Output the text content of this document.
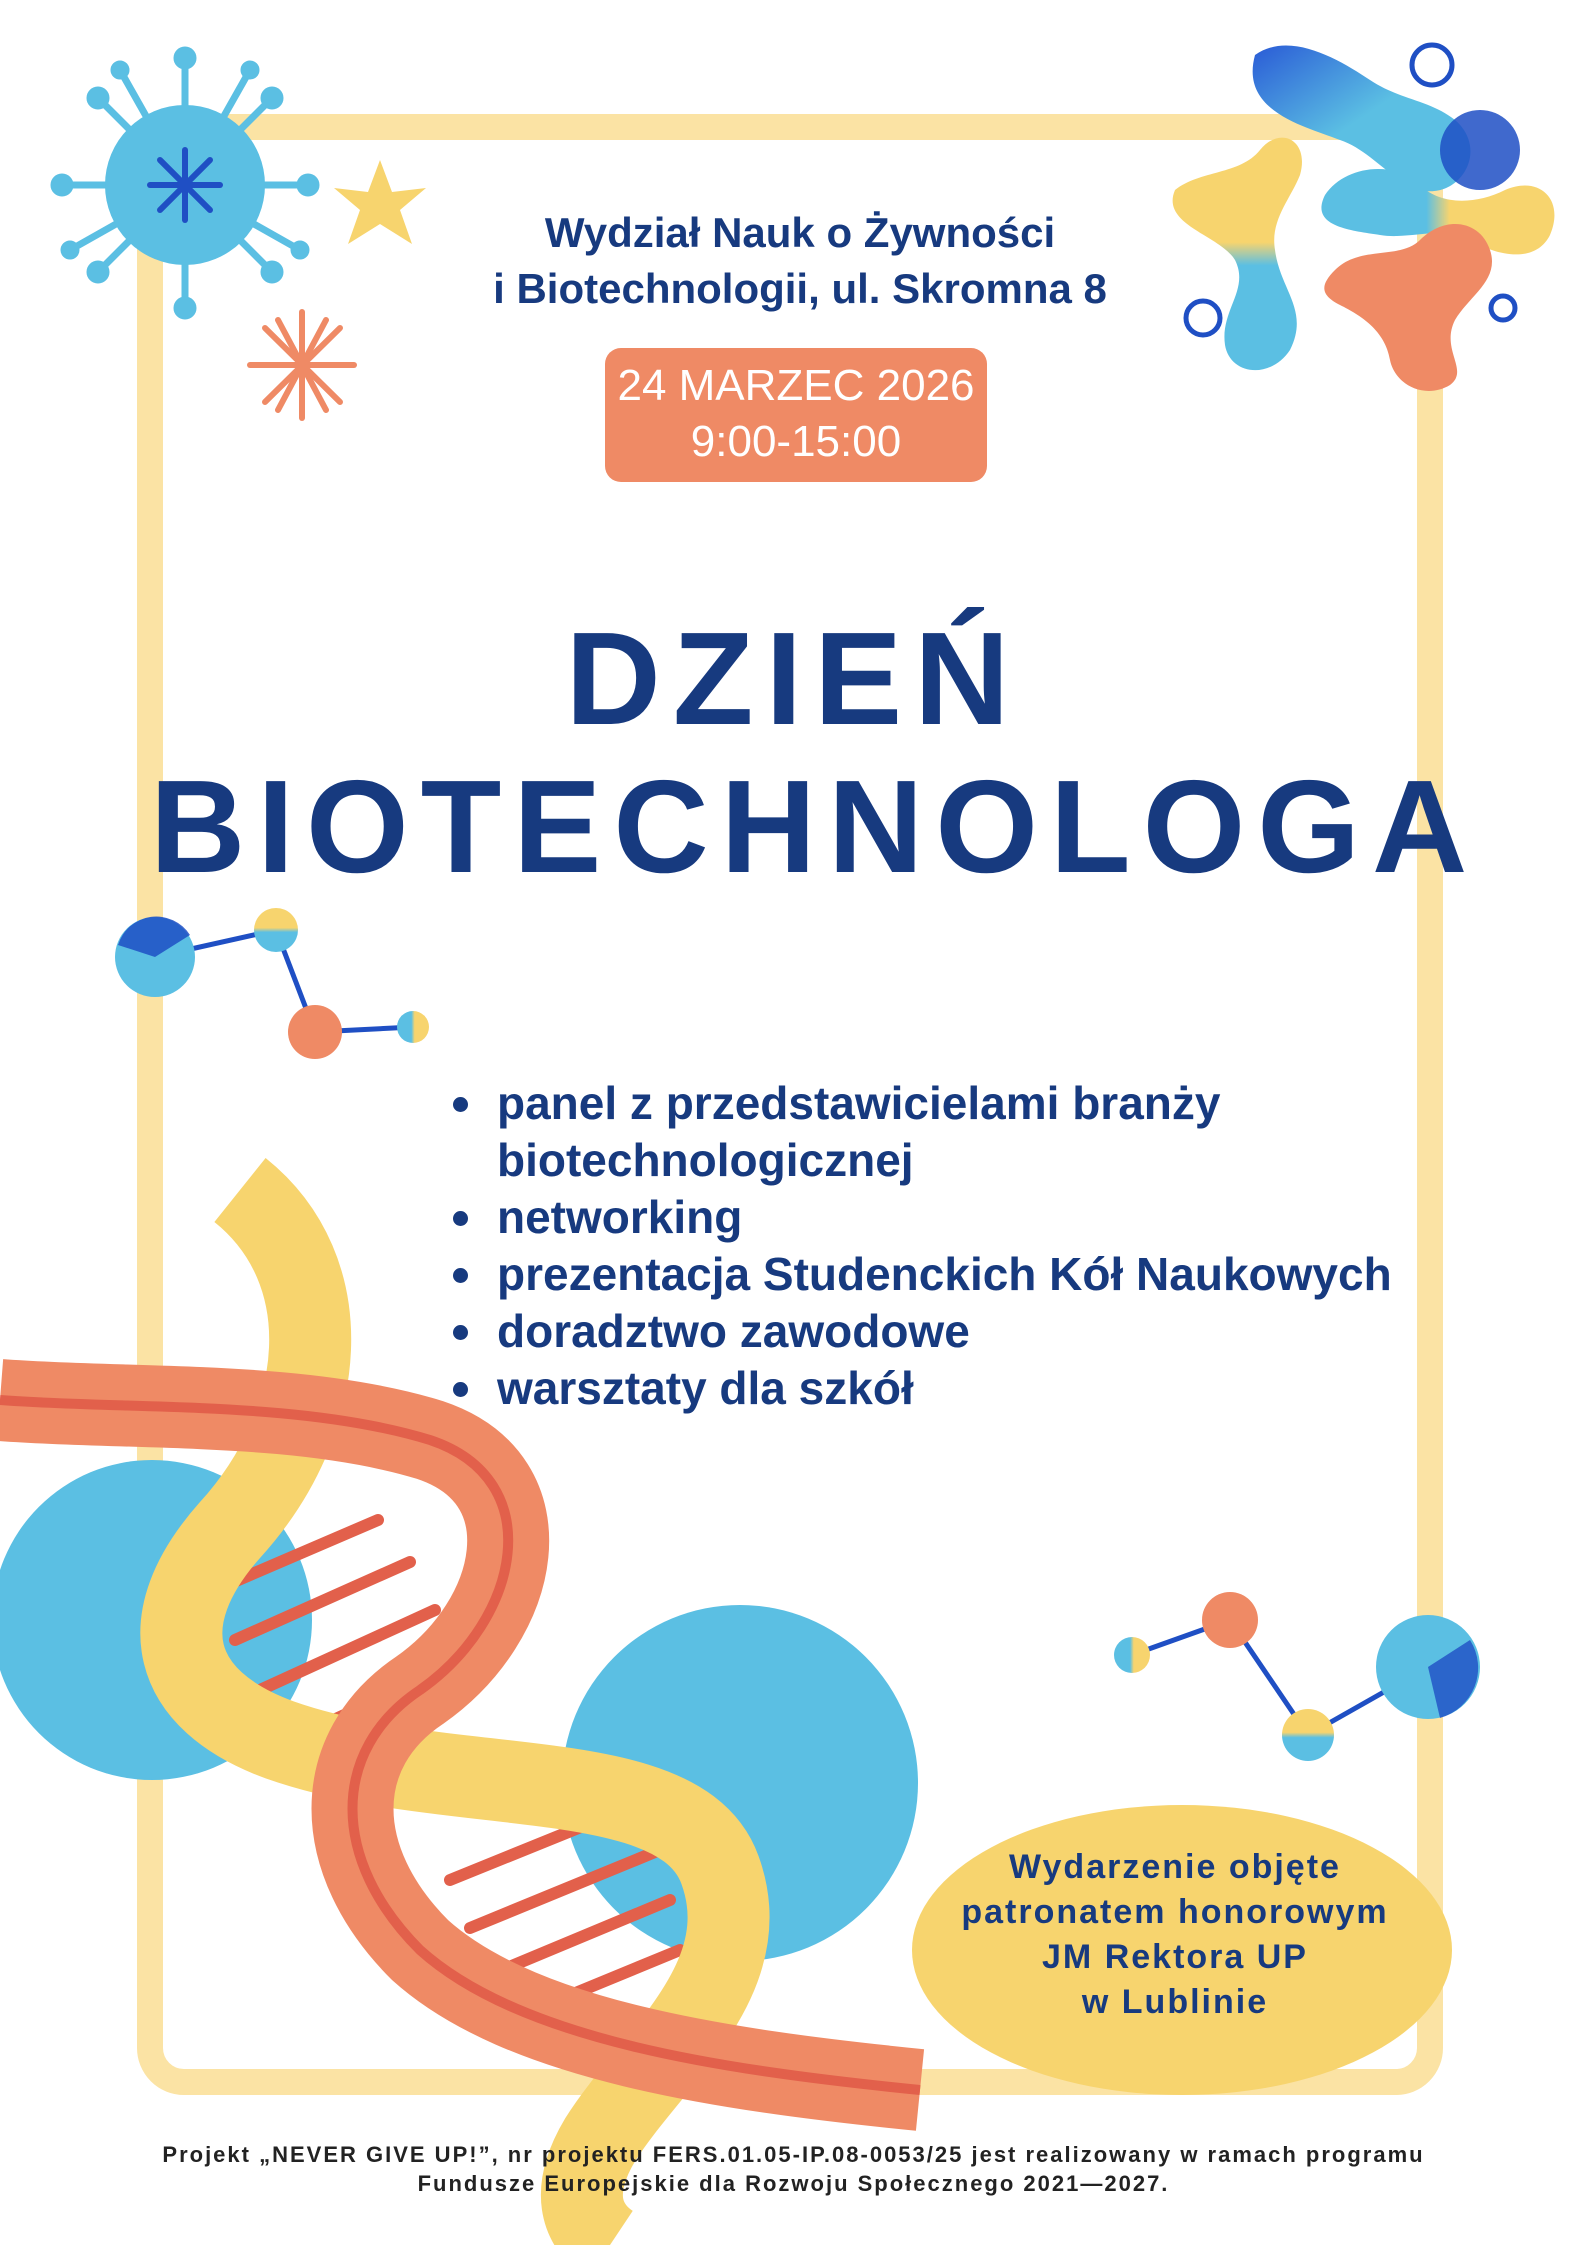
Wydział Nauk o Żywności
i Biotechnologii, ul. Skromna 8
24 MARZEC 2026
9:00-15:00
DZIEŃ
BIOTECHNOLOGA
panel z przedstawicielami branży biotechnologicznej
networking
prezentacja Studenckich Kół Naukowych
doradztwo zawodowe
warsztaty dla szkół
Wydarzenie objęte
patronatem honorowym
JM Rektora UP
w Lublinie
Projekt „NEVER GIVE UP!”, nr projektu FERS.01.05-IP.08-0053/25 jest realizowany w ramach programu
Fundusze Europejskie dla Rozwoju Społecznego 2021—2027.
